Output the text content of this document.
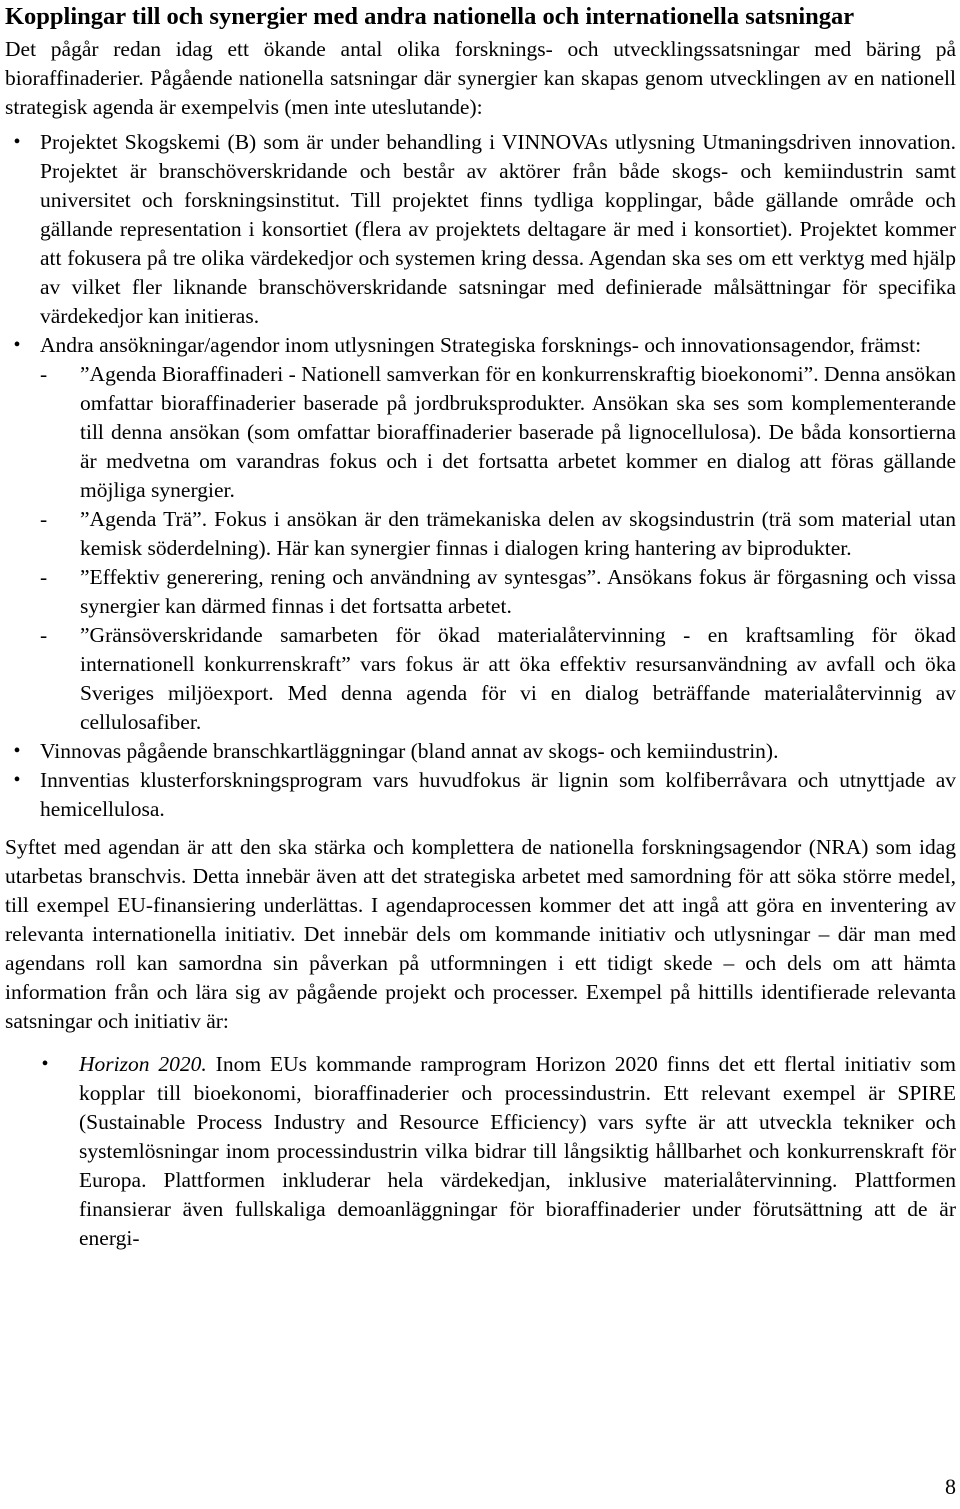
Kopplingar till och synergier med andra nationella och internationella satsningar

Det pågår redan idag ett ökande antal olika forsknings- och utvecklingssatsningar med bäring på bioraffinaderier. Pågående nationella satsningar där synergier kan skapas genom utvecklingen av en nationell strategisk agenda är exempelvis (men inte uteslutande):

• Projektet Skogskemi (B) som är under behandling i VINNOVAs utlysning Utmaningsdriven innovation. Projektet är branschöverskridande och består av aktörer från både skogs- och kemiindustrin samt universitet och forskningsinstitut. Till projektet finns tydliga kopplingar, både gällande område och gällande representation i konsortiet (flera av projektets deltagare är med i konsortiet). Projektet kommer att fokusera på tre olika värdekedjor och systemen kring dessa. Agendan ska ses om ett verktyg med hjälp av vilket fler liknande branschöverskridande satsningar med definierade målsättningar för specifika värdekedjor kan initieras.
• Andra ansökningar/agendor inom utlysningen Strategiska forsknings- och innovationsagendor, främst:
- ”Agenda Bioraffinaderi - Nationell samverkan för en konkurrenskraftig bioekonomi”. Denna ansökan omfattar bioraffinaderier baserade på jordbruksprodukter. Ansökan ska ses som komplementerande till denna ansökan (som omfattar bioraffinaderier baserade på lignocellulosa). De båda konsortierna är medvetna om varandras fokus och i det fortsatta arbetet kommer en dialog att föras gällande möjliga synergier.
- ”Agenda Trä”. Fokus i ansökan är den trämekaniska delen av skogsindustrin (trä som material utan kemisk söderdelning). Här kan synergier finnas i dialogen kring hantering av biprodukter.
- ”Effektiv generering, rening och användning av syntesgas”. Ansökans fokus är förgasning och vissa synergier kan därmed finnas i det fortsatta arbetet.
- ”Gränsöverskridande samarbeten för ökad materialåtervinning - en kraftsamling för ökad internationell konkurrenskraft” vars fokus är att öka effektiv resursanvändning av avfall och öka Sveriges miljöexport. Med denna agenda för vi en dialog beträffande materialåtervinnig av cellulosafiber.
• Vinnovas pågående branschkartläggningar (bland annat av skogs- och kemiindustrin).
• Innventias klusterforskningsprogram vars huvudfokus är lignin som kolfiberråvara och utnyttjade av hemicellulosa.

Syftet med agendan är att den ska stärka och komplettera de nationella forskningsagendor (NRA) som idag utarbetas branschvis. Detta innebär även att det strategiska arbetet med samordning för att söka större medel, till exempel EU-finansiering underlättas. I agendaprocessen kommer det att ingå att göra en inventering av relevanta internationella initiativ. Det innebär dels om kommande initiativ och utlysningar – där man med agendans roll kan samordna sin påverkan på utformningen i ett tidigt skede – och dels om att hämta information från och lära sig av pågående projekt och processer. Exempel på hittills identifierade relevanta satsningar och initiativ är:

•	Horizon 2020. Inom EUs kommande ramprogram Horizon 2020 finns det ett flertal initiativ som kopplar till bioekonomi, bioraffinaderier och processindustrin. Ett relevant exempel är SPIRE (Sustainable Process Industry and Resource Efficiency) vars syfte är att utveckla tekniker och systemlösningar inom processindustrin vilka bidrar till långsiktig hållbarhet och konkurrenskraft för Europa. Plattformen inkluderar hela värdekedjan, inklusive materialåtervinning. Plattformen finansierar även fullskaliga demoanläggningar för bioraffinaderier under förutsättning att de är energi-
8
